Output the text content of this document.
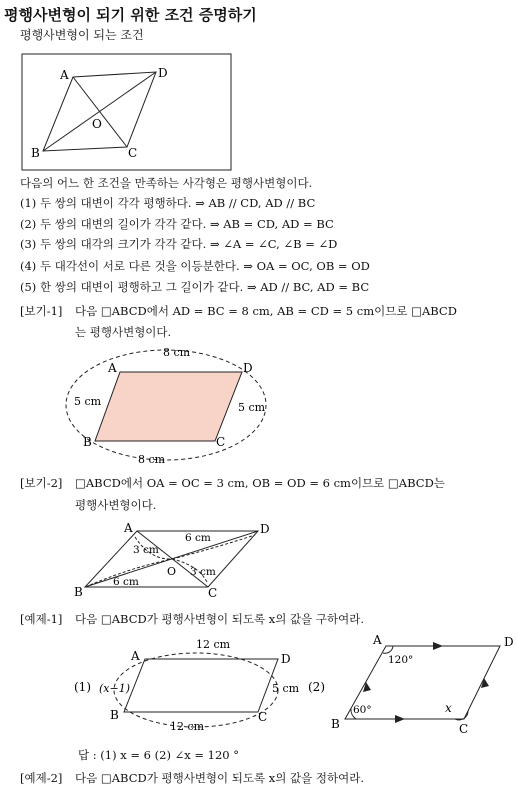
평행사변형이 되기 위한 조건 증명하기
평행사변형이 되는 조건
A	D
B	C
O
A	D
B	C
8 cm
8 cm
5 cm	5 cm
A	D
B	C
O
3 cm
6 cm
6 cm
3 cm
A	D
B	C
12 cm
12 cm
(x−1)	5 cm
(1)	(2)
A	D
B	C
120°
60°	x
다음의 어느 한 조건을 만족하는 사각형은 평행사변형이다.
(1) 두 쌍의 대변이 각각 평행하다. ⇒ AB // CD, AD // BC
(2) 두 쌍의 대변의 길이가 각각 같다. ⇒ AB = CD, AD = BC
(3) 두 쌍의 대각의 크기가 각각 같다. ⇒ ∠A = ∠C, ∠B = ∠D
(4) 두 대각선이 서로 다른 것을 이등분한다. ⇒ OA = OC, OB = OD
(5) 한 쌍의 대변이 평행하고 그 길이가 같다. ⇒ AD // BC, AD = BC
[보기-1] 다음 □ABCD에서 AD = BC = 8 cm, AB = CD = 5 cm이므로 □ABCD
는 평행사변형이다.
[보기-2] □ABCD에서 OA = OC = 3 cm, OB = OD = 6 cm이므로 □ABCD는
평행사변형이다.
[예제-1] 다음 □ABCD가 평행사변형이 되도록 x의 값을 구하여라.
답 : (1) x = 6 (2) ∠x = 120 °
[예제-2] 다음 □ABCD가 평행사변형이 되도록 x의 값을 정하여라.
